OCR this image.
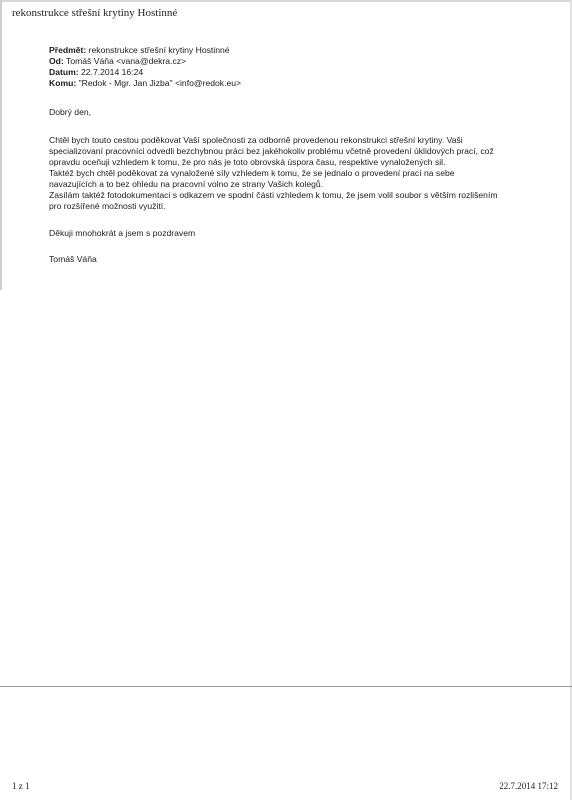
rekonstrukce střešní krytiny Hostinné
Předmět: rekonstrukce střešní krytiny Hostinné
Od: Tomáš Váňa <vana@dekra.cz>
Datum: 22.7.2014 16:24
Komu: "Redok - Mgr. Jan Jizba" <info@redok.eu>
Dobrý den,

Chtěl bych touto cestou poděkovat Vaší společnosti za odborně provedenou rekonstrukci střešní krytiny. Vaši

specializovaní pracovníci odvedli bezchybnou práci bez jakéhokoliv problému včetně provedení úklidových prací, což

opravdu oceňuji vzhledem k tomu, že pro nás je toto obrovská úspora času, respektive vynaložených sil.

Taktéž bych chtěl poděkovat za vynaložené síly vzhledem k tomu, že se jednalo o provedení prací na sebe

navazujících a to bez ohledu na pracovní volno ze strany Vašich kolegů.

Zasílám taktéž fotodokumentaci s odkazem ve spodní části vzhledem k tomu, že jsem volil soubor s větším rozlišením

pro rozšířené možnosti využití.

Děkuji mnohokrát a jsem s pozdravem
Tomáš Váňa
1 z 1	22.7.2014 17:12
